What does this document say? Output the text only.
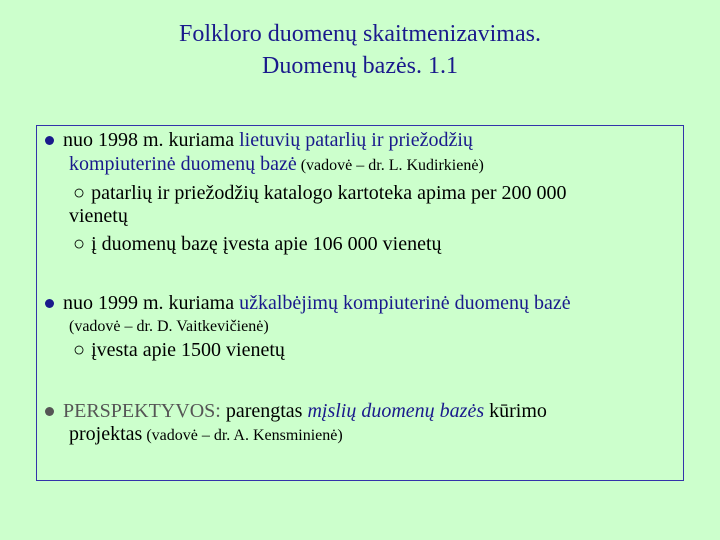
Folkloro duomenų skaitmenizavimas.
Duomenų bazės. 1.1
nuo 1998 m. kuriama lietuvių patarlių ir priežodžių
kompiuterinė duomenų bazė (vadovė – dr. L. Kudirkienė)
○ patarlių ir priežodžių katalogo kartoteka apima per 200 000
vienetų
○ į duomenų bazę įvesta apie 106 000 vienetų
nuo 1999 m. kuriama užkalbėjimų kompiuterinė duomenų bazė
(vadovė – dr. D. Vaitkevičienė)
○ įvesta apie 1500 vienetų
PERSPEKTYVOS: parengtas mįslių duomenų bazės kūrimo
projektas (vadovė – dr. A. Kensminienė)
